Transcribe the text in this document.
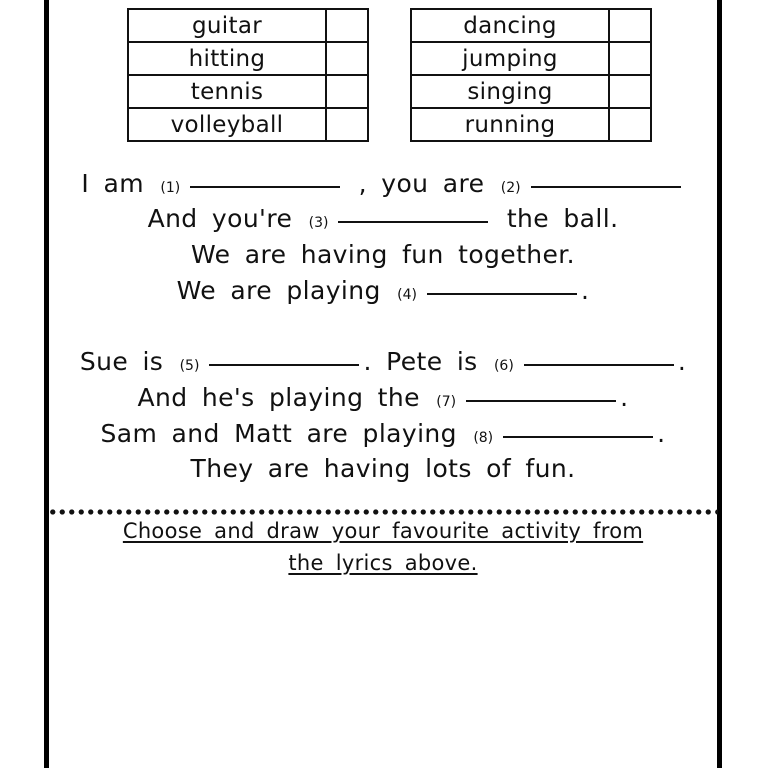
guitar	
hitting	
tennis	
volleyball	
dancing	
jumping	
singing	
running	
I am (1)	, you are (2)
And you're (3)	the ball.
We are having fun together.
We are playing (4)	.
Sue is (5)	. Pete is (6)	.
And he's playing the (7)	.
Sam and Matt are playing (8)	.
They are having lots of fun.
Choose and draw your favourite activity from
the lyrics above.
